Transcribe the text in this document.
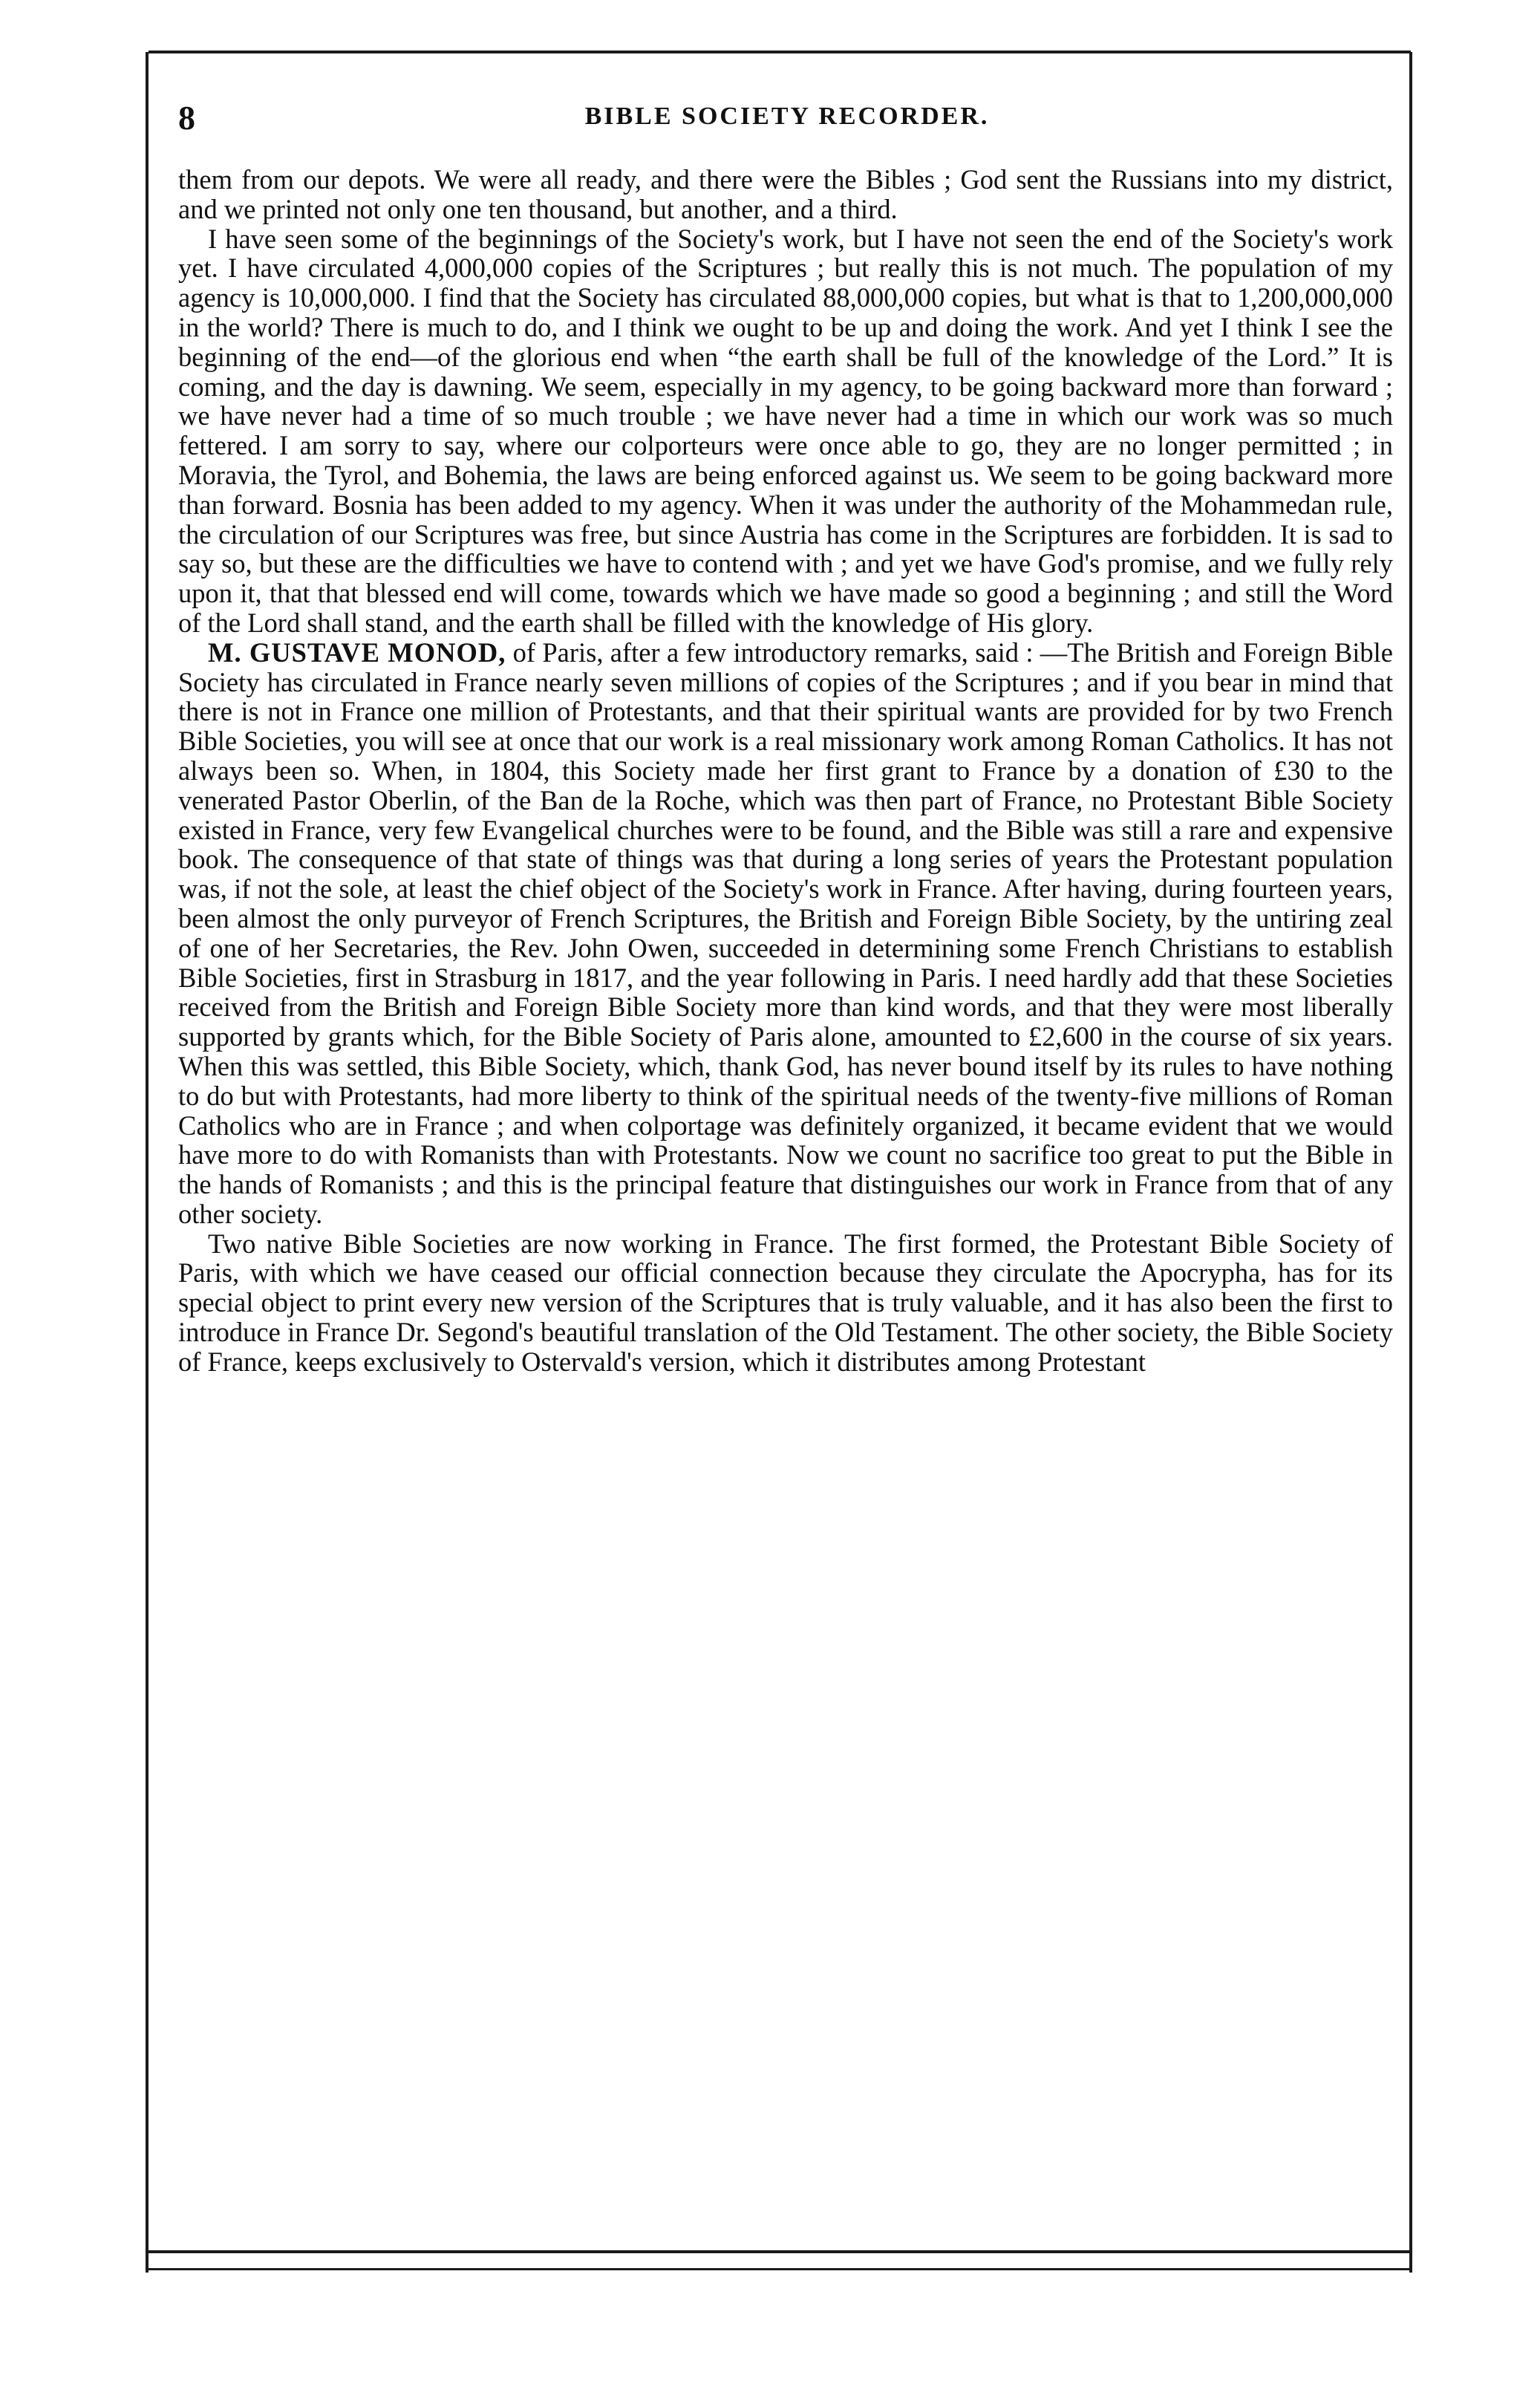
8	BIBLE SOCIETY RECORDER.

them from our depots. We were all ready, and there were the Bibles ; God sent the Russians into my district, and we printed not only one ten thousand, but another, and a third.

I have seen some of the beginnings of the Society's work, but I have not seen the end of the Society's work yet. I have circulated 4,000,000 copies of the Scriptures ; but really this is not much. The population of my agency is 10,000,000. I find that the Society has circulated 88,000,000 copies, but what is that to 1,200,000,000 in the world? There is much to do, and I think we ought to be up and doing the work. And yet I think I see the beginning of the end—of the glorious end when “the earth shall be full of the knowledge of the Lord.” It is coming, and the day is dawning. We seem, especially in my agency, to be going backward more than forward ; we have never had a time of so much trouble ; we have never had a time in which our work was so much fettered. I am sorry to say, where our colporteurs were once able to go, they are no longer permitted ; in Moravia, the Tyrol, and Bohemia, the laws are being enforced against us. We seem to be going backward more than forward. Bosnia has been added to my agency. When it was under the authority of the Mohammedan rule, the circulation of our Scriptures was free, but since Austria has come in the Scriptures are forbidden. It is sad to say so, but these are the difficulties we have to contend with ; and yet we have God's promise, and we fully rely upon it, that that blessed end will come, towards which we have made so good a beginning ; and still the Word of the Lord shall stand, and the earth shall be filled with the knowledge of His glory.

M. GUSTAVE MONOD, of Paris, after a few introductory remarks, said : —The British and Foreign Bible Society has circulated in France nearly seven millions of copies of the Scriptures ; and if you bear in mind that there is not in France one million of Protestants, and that their spiritual wants are provided for by two French Bible Societies, you will see at once that our work is a real missionary work among Roman Catholics. It has not always been so. When, in 1804, this Society made her first grant to France by a donation of £30 to the venerated Pastor Oberlin, of the Ban de la Roche, which was then part of France, no Protestant Bible Society existed in France, very few Evangelical churches were to be found, and the Bible was still a rare and expensive book. The consequence of that state of things was that during a long series of years the Protestant population was, if not the sole, at least the chief object of the Society's work in France. After having, during fourteen years, been almost the only purveyor of French Scriptures, the British and Foreign Bible Society, by the untiring zeal of one of her Secretaries, the Rev. John Owen, succeeded in determining some French Christians to establish Bible Societies, first in Strasburg in 1817, and the year following in Paris. I need hardly add that these Societies received from the British and Foreign Bible Society more than kind words, and that they were most liberally supported by grants which, for the Bible Society of Paris alone, amounted to £2,600 in the course of six years. When this was settled, this Bible Society, which, thank God, has never bound itself by its rules to have nothing to do but with Protestants, had more liberty to think of the spiritual needs of the twenty-five millions of Roman Catholics who are in France ; and when colportage was definitely organized, it became evident that we would have more to do with Romanists than with Protestants. Now we count no sacrifice too great to put the Bible in the hands of Romanists ; and this is the principal feature that distinguishes our work in France from that of any other society.

Two native Bible Societies are now working in France. The first formed, the Protestant Bible Society of Paris, with which we have ceased our official connection because they circulate the Apocrypha, has for its special object to print every new version of the Scriptures that is truly valuable, and it has also been the first to introduce in France Dr. Segond's beautiful translation of the Old Testament. The other society, the Bible Society of France, keeps exclusively to Ostervald's version, which it distributes among Protestant
